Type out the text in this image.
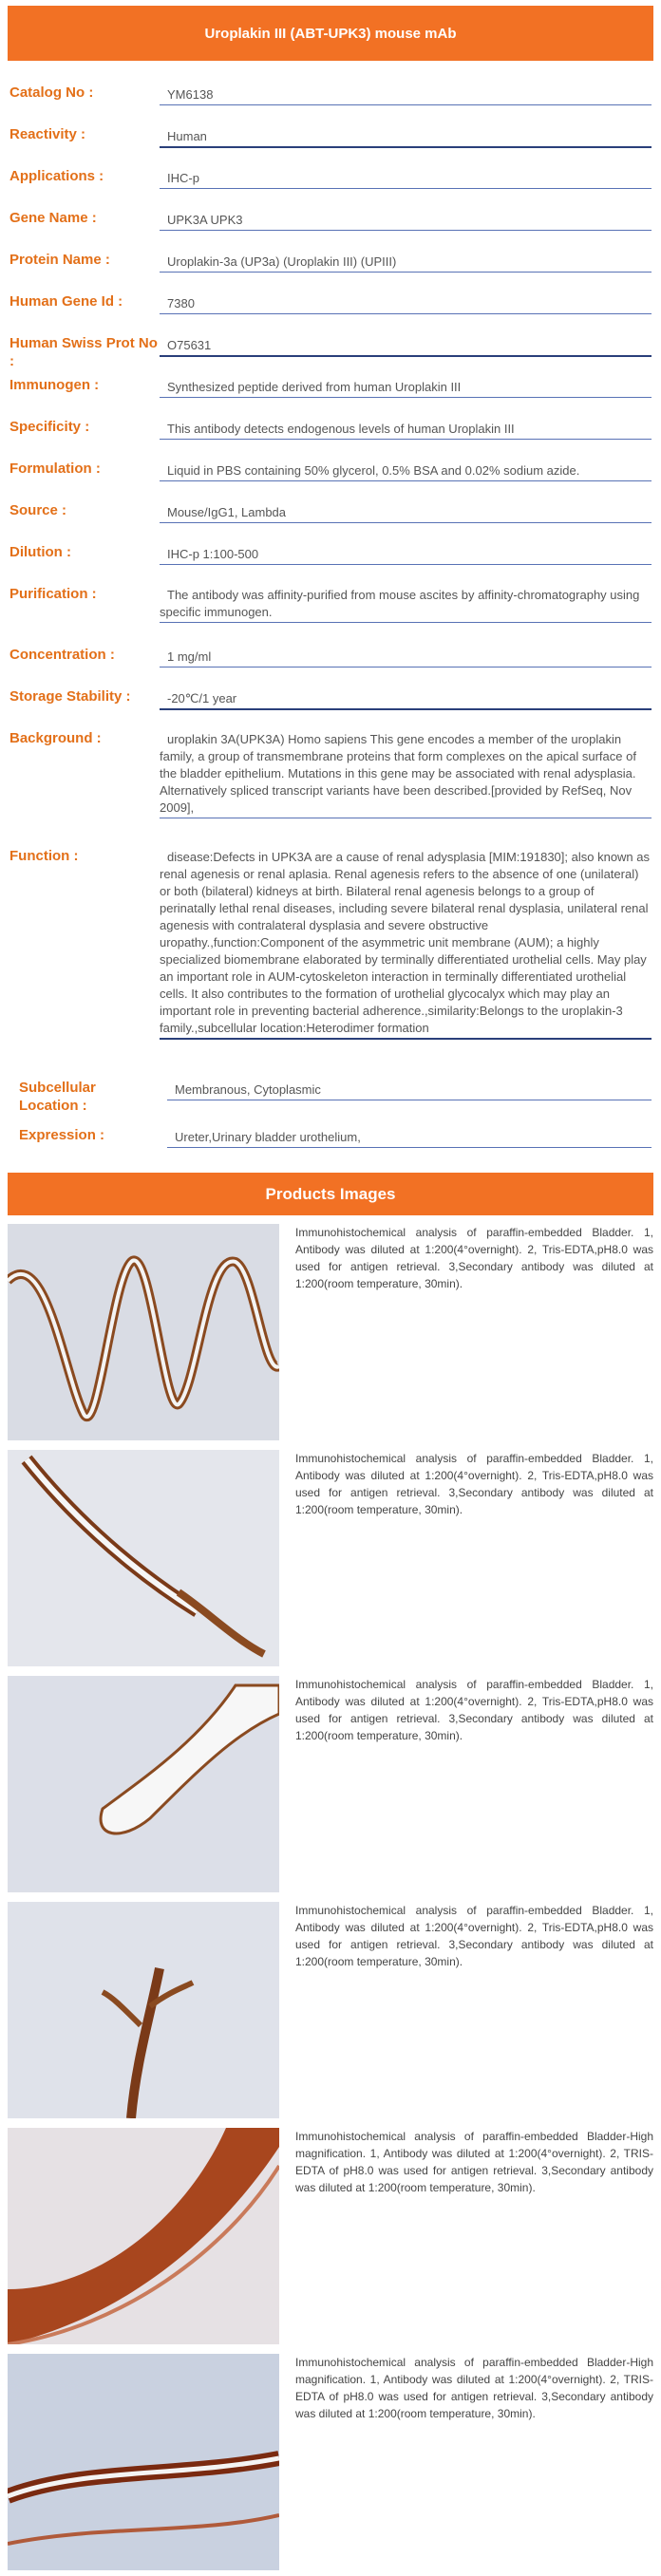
Uroplakin III (ABT-UPK3) mouse mAb
Catalog No :	YM6138
Reactivity :	Human
Applications :	IHC-p
Gene Name :	UPK3A UPK3
Protein Name :	Uroplakin-3a (UP3a) (Uroplakin III) (UPIII)
Human Gene Id :	7380
Human Swiss Prot No :
O75631
Immunogen :	Synthesized peptide derived from human Uroplakin III
Specificity :	This antibody detects endogenous levels of human Uroplakin III
Formulation :	Liquid in PBS containing 50% glycerol, 0.5% BSA and 0.02% sodium azide.
Source :	Mouse/IgG1, Lambda
Dilution :	IHC-p 1:100-500
Purification :	The antibody was affinity-purified from mouse ascites by affinity-chromatography using specific immunogen.

Concentration :	1 mg/ml
Storage Stability :	-20℃/1 year
Background :	uroplakin 3A(UPK3A) Homo sapiens This gene encodes a member of the uroplakin family, a group of transmembrane proteins that form complexes on the apical surface of the bladder epithelium. Mutations in this gene may be associated with renal adysplasia. Alternatively spliced transcript variants have been described.[provided by RefSeq, Nov 2009],

Function :	disease:Defects in UPK3A are a cause of renal adysplasia [MIM:191830]; also known as renal agenesis or renal aplasia. Renal agenesis refers to the absence of one (unilateral) or both (bilateral) kidneys at birth. Bilateral renal agenesis belongs to a group of perinatally lethal renal diseases, including severe bilateral renal dysplasia, unilateral renal agenesis with contralateral dysplasia and severe obstructive uropathy.,function:Component of the asymmetric unit membrane (AUM); a highly specialized biomembrane elaborated by terminally differentiated urothelial cells. May play an important role in AUM-cytoskeleton interaction in terminally differentiated urothelial cells. It also contributes to the formation of urothelial glycocalyx which may play an important role in preventing bacterial adherence.,similarity:Belongs to the uroplakin-3 family.,subcellular location:Heterodimer formation

Subcellular Location :
Membranous, Cytoplasmic
Expression :	Ureter,Urinary bladder urothelium,
Products Images
Immunohistochemical analysis of paraffin-embedded Bladder. 1, Antibody was diluted at 1:200(4°overnight). 2, Tris-EDTA,pH8.0 was used for antigen retrieval. 3,Secondary antibody was diluted at 1:200(room temperature, 30min).
Immunohistochemical analysis of paraffin-embedded Bladder. 1, Antibody was diluted at 1:200(4°overnight). 2, Tris-EDTA,pH8.0 was used for antigen retrieval. 3,Secondary antibody was diluted at 1:200(room temperature, 30min).
Immunohistochemical analysis of paraffin-embedded Bladder. 1, Antibody was diluted at 1:200(4°overnight). 2, Tris-EDTA,pH8.0 was used for antigen retrieval. 3,Secondary antibody was diluted at 1:200(room temperature, 30min).
Immunohistochemical analysis of paraffin-embedded Bladder. 1, Antibody was diluted at 1:200(4°overnight). 2, Tris-EDTA,pH8.0 was used for antigen retrieval. 3,Secondary antibody was diluted at 1:200(room temperature, 30min).
Immunohistochemical analysis of paraffin-embedded Bladder-High magnification. 1, Antibody was diluted at 1:200(4°overnight). 2, TRIS-EDTA of pH8.0 was used for antigen retrieval. 3,Secondary antibody was diluted at 1:200(room temperature, 30min).
Immunohistochemical analysis of paraffin-embedded Bladder-High magnification. 1, Antibody was diluted at 1:200(4°overnight). 2, TRIS-EDTA of pH8.0 was used for antigen retrieval. 3,Secondary antibody was diluted at 1:200(room temperature, 30min).
